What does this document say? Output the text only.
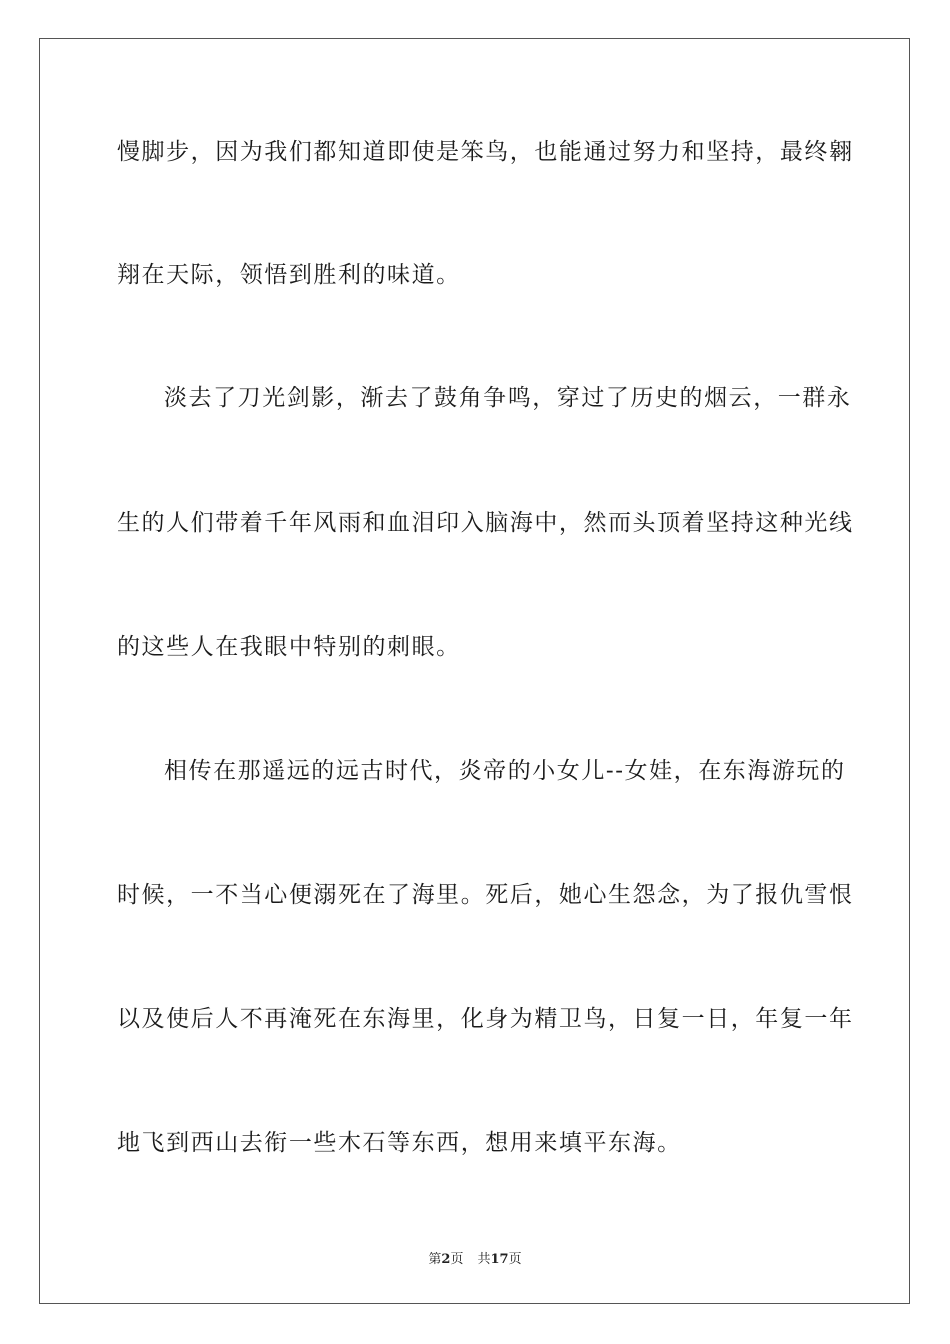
慢脚步，因为我们都知道即使是笨鸟，也能通过努力和坚持，最终翱
翔在天际，领悟到胜利的味道。
淡去了刀光剑影，渐去了鼓角争鸣，穿过了历史的烟云，一群永
生的人们带着千年风雨和血泪印入脑海中，然而头顶着坚持这种光线
的这些人在我眼中特别的刺眼。
相传在那遥远的远古时代，炎帝的小女儿--女娃，在东海游玩的
时候，一不当心便溺死在了海里。死后，她心生怨念，为了报仇雪恨
以及使后人不再淹死在东海里，化身为精卫鸟，日复一日，年复一年
地飞到西山去衔一些木石等东西，想用来填平东海。
第2页 共17页
